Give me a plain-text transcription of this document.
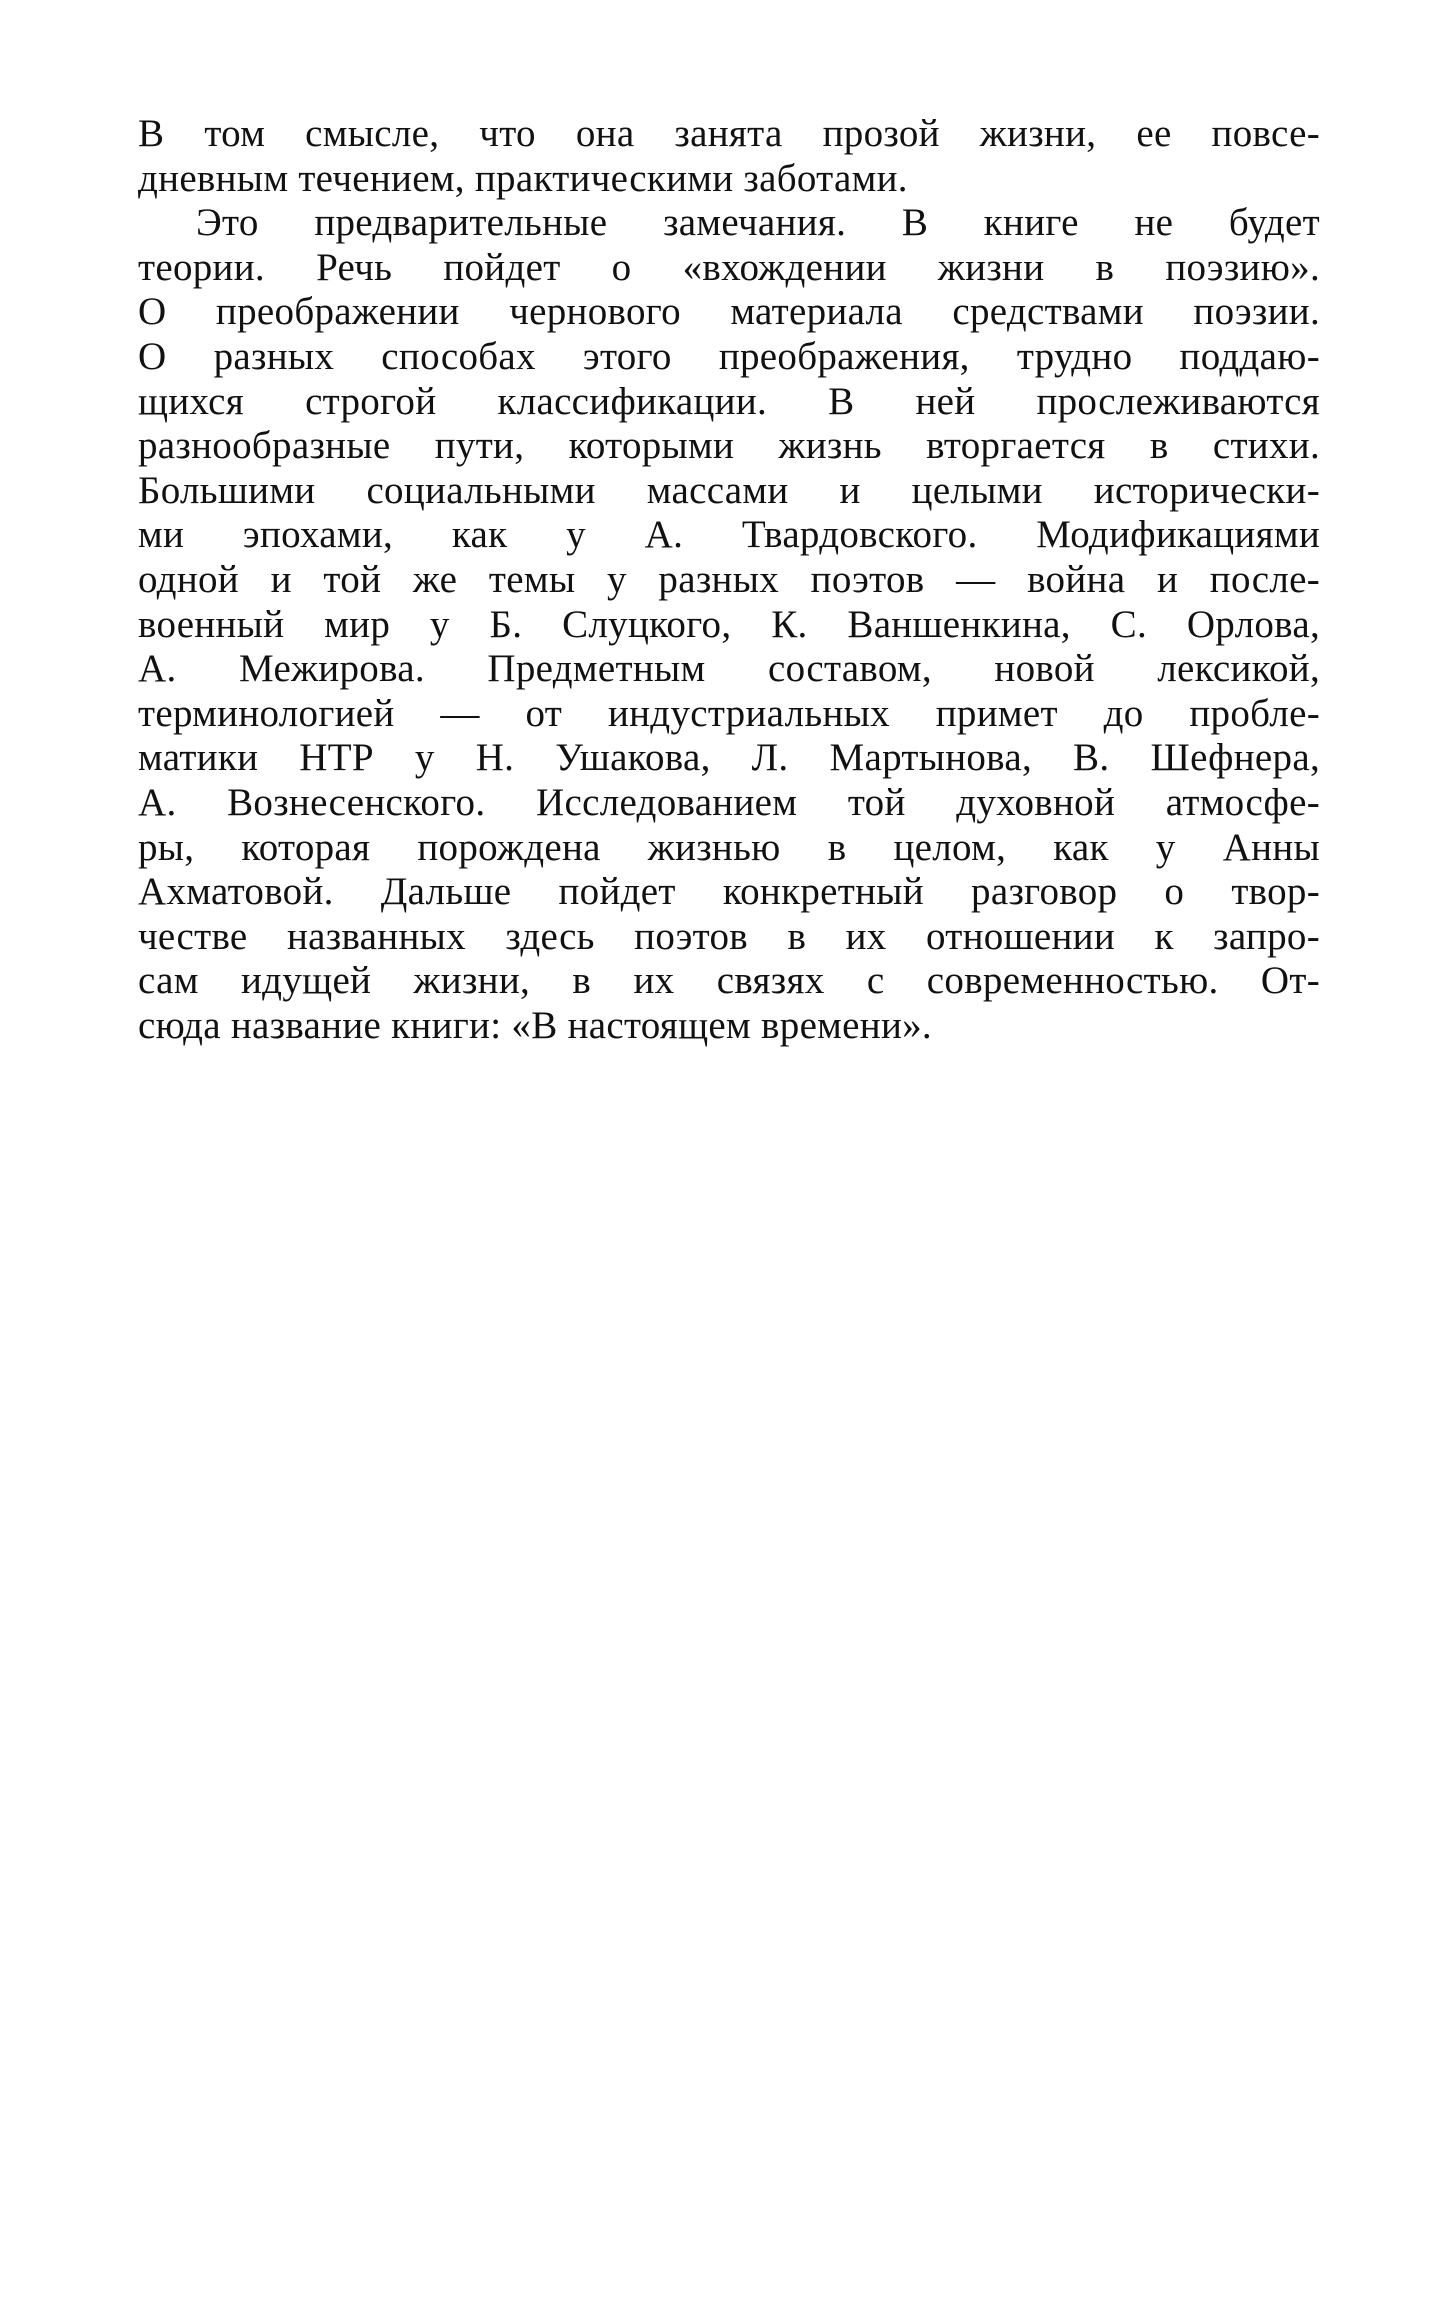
В том смысле, что она занята прозой жизни, ее повсе-
дневным течением, практическими заботами.
Это предварительные замечания. В книге не будет
теории. Речь пойдет о «вхождении жизни в поэзию».
О преображении чернового материала средствами поэзии.
О разных способах этого преображения, трудно поддаю-
щихся строгой классификации. В ней прослеживаются
разнообразные пути, которыми жизнь вторгается в стихи.
Большими социальными массами и целыми исторически-
ми эпохами, как у А. Твардовского. Модификациями
одной и той же темы у разных поэтов — война и после-
военный мир у Б. Слуцкого, К. Ваншенкина, С. Орлова,
А. Межирова. Предметным составом, новой лексикой,
терминологией — от индустриальных примет до пробле-
матики НТР у Н. Ушакова, Л. Мартынова, В. Шефнера,
А. Вознесенского. Исследованием той духовной атмосфе-
ры, которая порождена жизнью в целом, как у Анны
Ахматовой. Дальше пойдет конкретный разговор о твор-
честве названных здесь поэтов в их отношении к запро-
сам идущей жизни, в их связях с современностью. От-
сюда название книги: «В настоящем времени».
